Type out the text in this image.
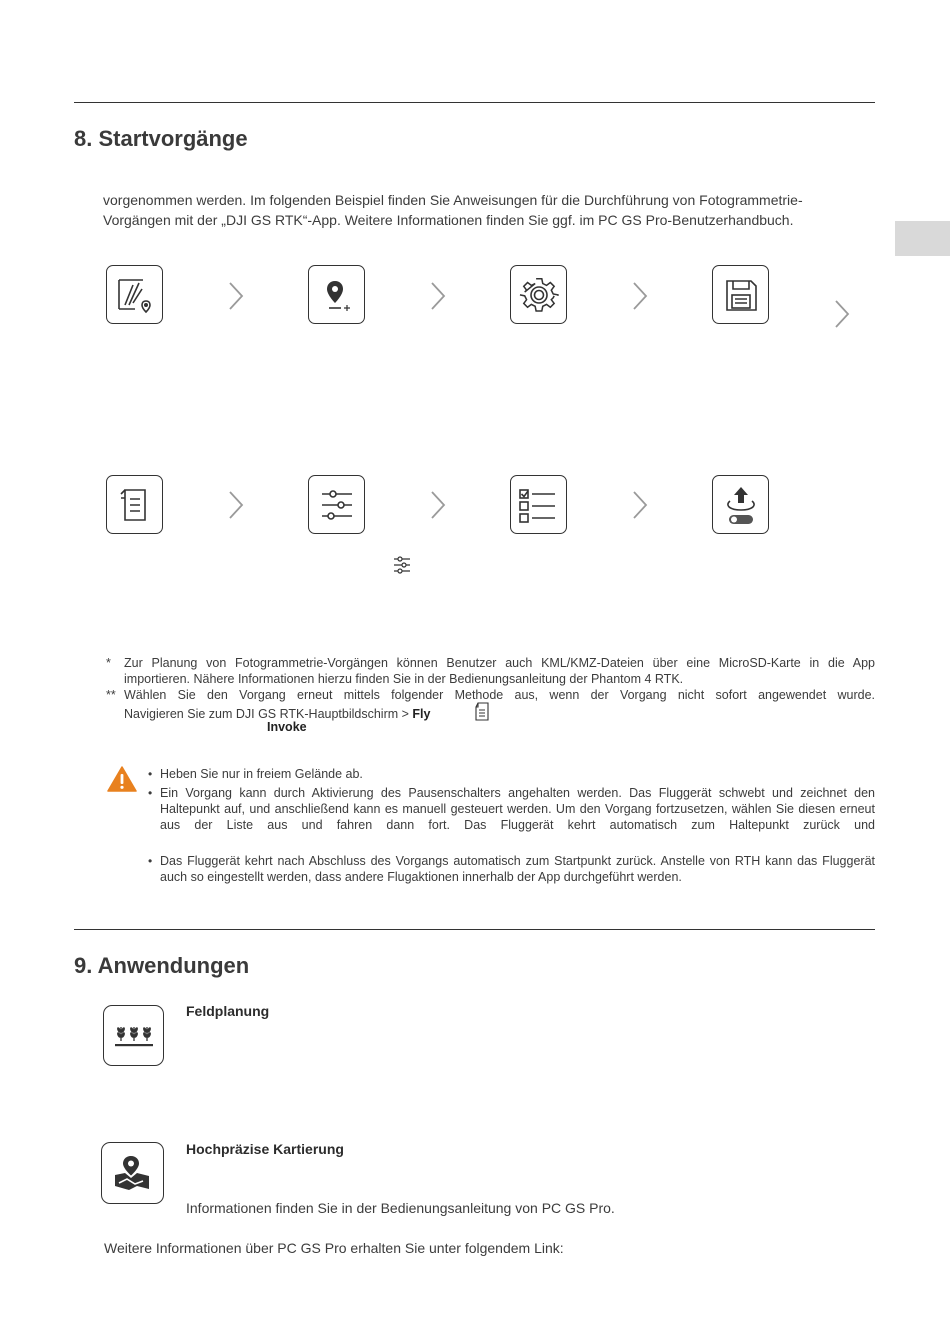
8. Startvorgänge
vorgenommen werden. Im folgenden Beispiel finden Sie Anweisungen für die Durchführung von Fotogrammetrie-
Vorgängen mit der „DJI GS RTK“-App. Weitere Informationen finden Sie ggf. im PC GS Pro-Benutzerhandbuch.
* Zur Planung von Fotogrammetrie-Vorgängen können Benutzer auch KML/KMZ-Dateien über eine MicroSD-Karte in die App importieren. Nähere Informationen hierzu finden Sie in der Bedienungsanleitung der Phantom 4 RTK.
** Wählen Sie den Vorgang erneut mittels folgender Methode aus, wenn der Vorgang nicht sofort angewendet wurde.
Navigieren Sie zum DJI GS RTK-Hauptbildschirm > Fly
Invoke
• Heben Sie nur in freiem Gelände ab.
• Ein Vorgang kann durch Aktivierung des Pausenschalters angehalten werden. Das Fluggerät schwebt und zeichnet den Haltepunkt auf, und anschließend kann es manuell gesteuert werden. Um den Vorgang fortzusetzen, wählen Sie diesen erneut aus der Liste aus und fahren dann fort. Das Fluggerät kehrt automatisch zum Haltepunkt zurück und
• Das Fluggerät kehrt nach Abschluss des Vorgangs automatisch zum Startpunkt zurück. Anstelle von RTH kann das Fluggerät auch so eingestellt werden, dass andere Flugaktionen innerhalb der App durchgeführt werden.
9. Anwendungen
Feldplanung
Hochpräzise Kartierung
Informationen finden Sie in der Bedienungsanleitung von PC GS Pro.
Weitere Informationen über PC GS Pro erhalten Sie unter folgendem Link:
